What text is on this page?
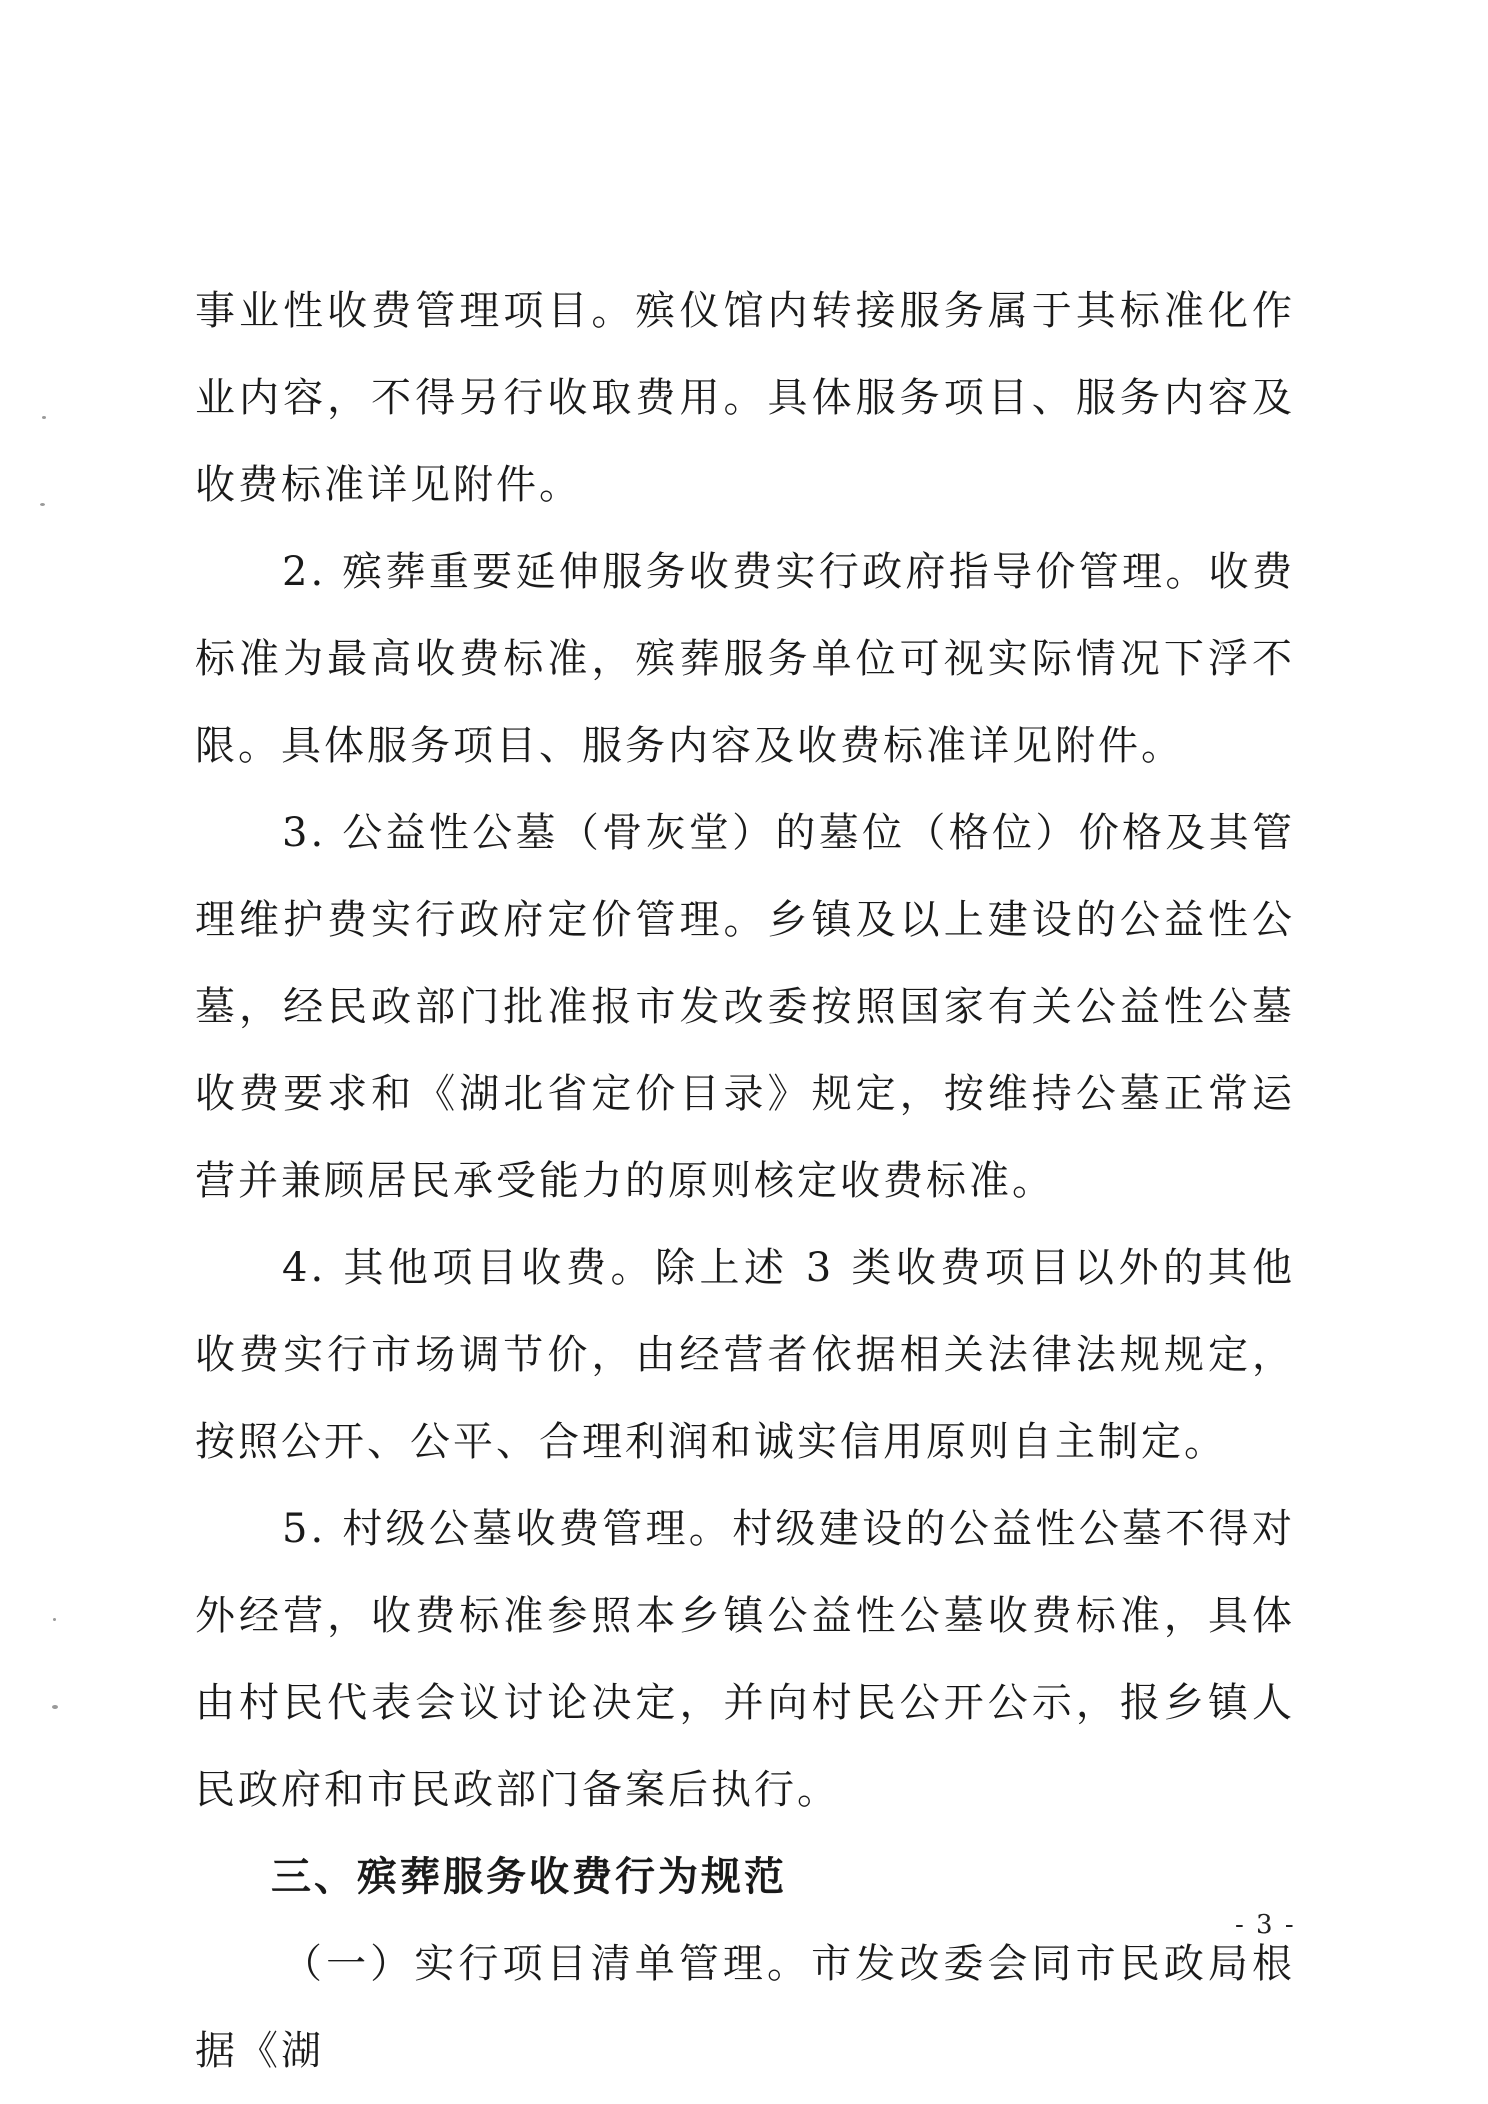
事业性收费管理项目。殡仪馆内转接服务属于其标准化作业内容，不得另行收取费用。具体服务项目、服务内容及收费标准详见附件。

2. 殡葬重要延伸服务收费实行政府指导价管理。收费标准为最高收费标准，殡葬服务单位可视实际情况下浮不限。具体服务项目、服务内容及收费标准详见附件。

3. 公益性公墓（骨灰堂）的墓位（格位）价格及其管理维护费实行政府定价管理。乡镇及以上建设的公益性公墓，经民政部门批准报市发改委按照国家有关公益性公墓收费要求和《湖北省定价目录》规定，按维持公墓正常运营并兼顾居民承受能力的原则核定收费标准。

4. 其他项目收费。除上述 3 类收费项目以外的其他收费实行市场调节价，由经营者依据相关法律法规规定，按照公开、公平、合理利润和诚实信用原则自主制定。

5. 村级公墓收费管理。村级建设的公益性公墓不得对外经营，收费标准参照本乡镇公益性公墓收费标准，具体由村民代表会议讨论决定，并向村民公开公示，报乡镇人民政府和市民政部门备案后执行。

三、殡葬服务收费行为规范

（一）实行项目清单管理。市发改委会同市民政局根据《湖

- 3 -
